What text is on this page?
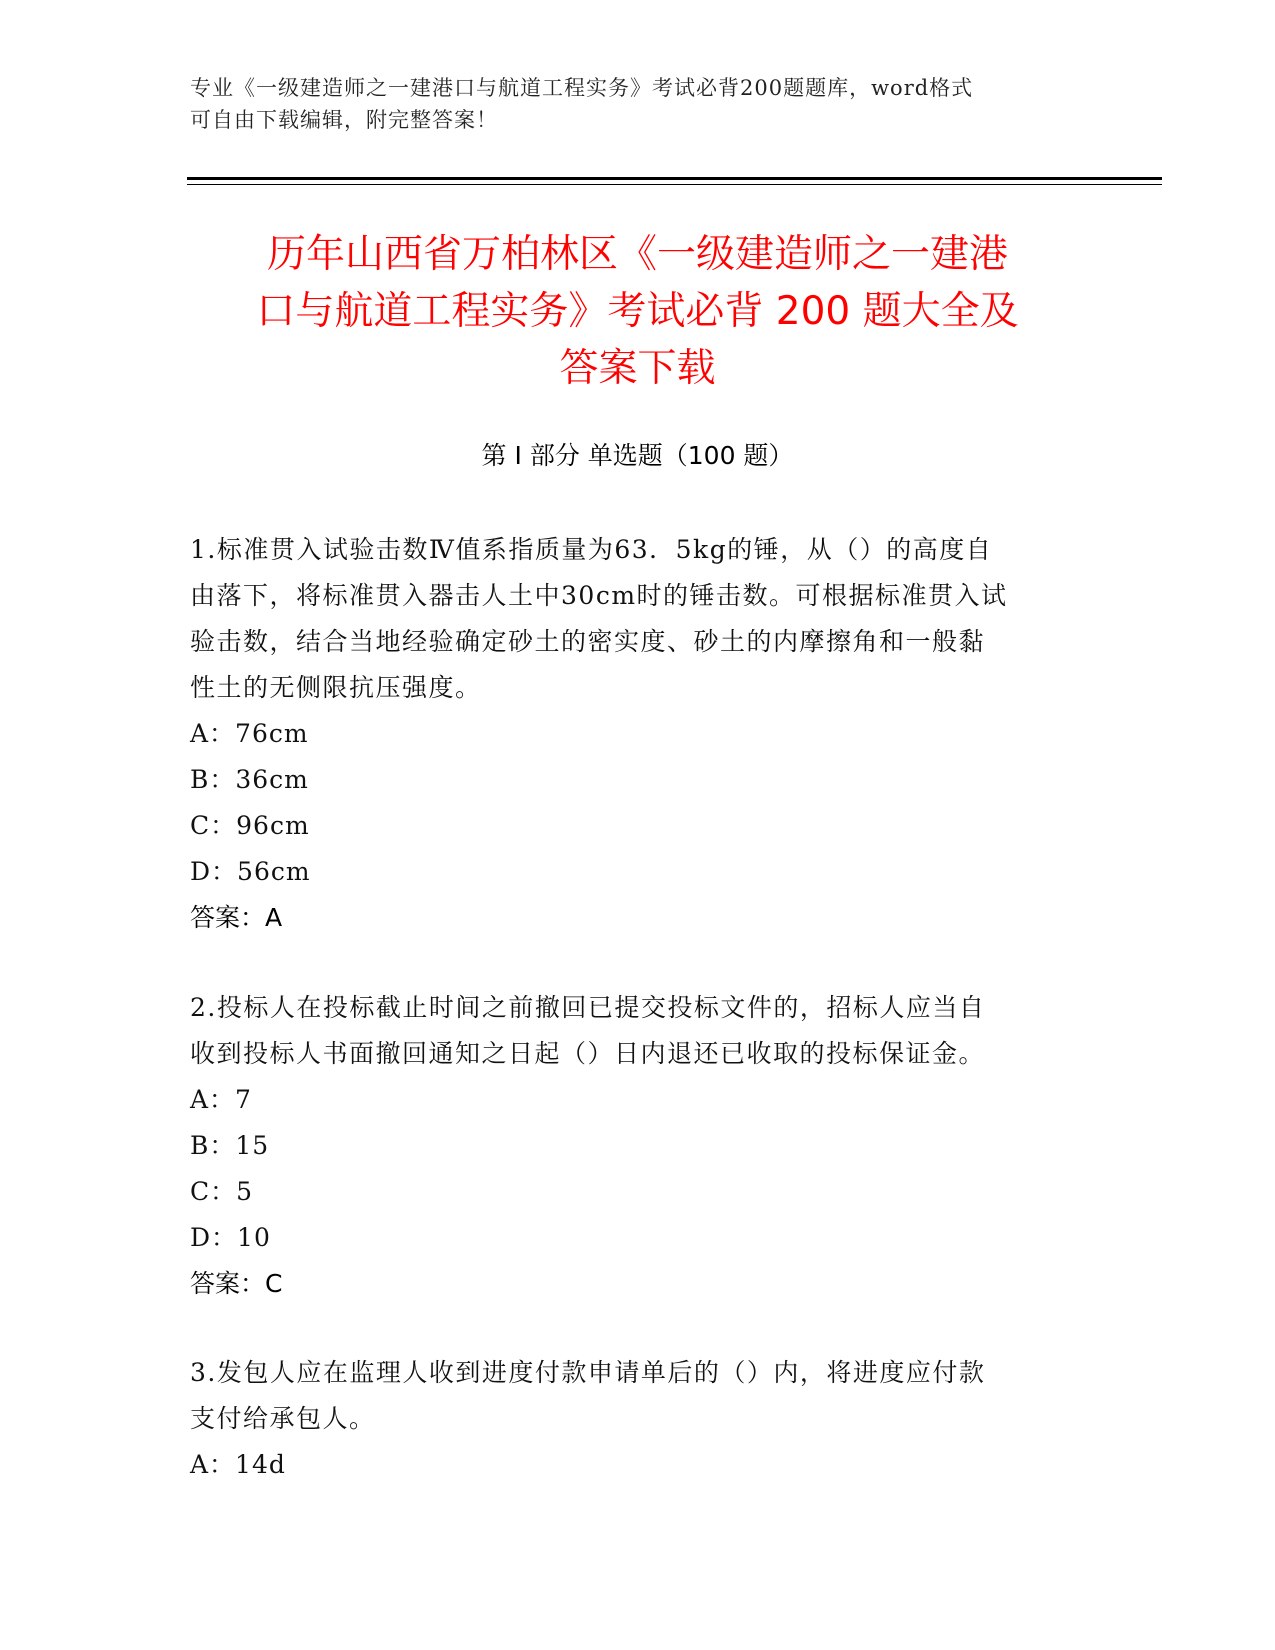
专业《一级建造师之一建港口与航道工程实务》考试必背200题题库，word格式
可自由下载编辑，附完整答案！
历年山西省万柏林区《一级建造师之一建港
口与航道工程实务》考试必背 200 题大全及
答案下载
第 I 部分 单选题（100 题）

1.标准贯入试验击数Ⅳ值系指质量为63．5kg的锤，从（）的高度自
由落下，将标准贯入器击人土中30cm时的锤击数。可根据标准贯入试
验击数，结合当地经验确定砂土的密实度、砂土的内摩擦角和一般黏
性土的无侧限抗压强度。

A：76cm

B：36cm

C：96cm

D：56cm

答案：A

2.投标人在投标截止时间之前撤回已提交投标文件的，招标人应当自
收到投标人书面撤回通知之日起（）日内退还已收取的投标保证金。

A：7

B：15

C：5

D：10

答案：C

3.发包人应在监理人收到进度付款申请单后的（）内，将进度应付款
支付给承包人。

A：14d
